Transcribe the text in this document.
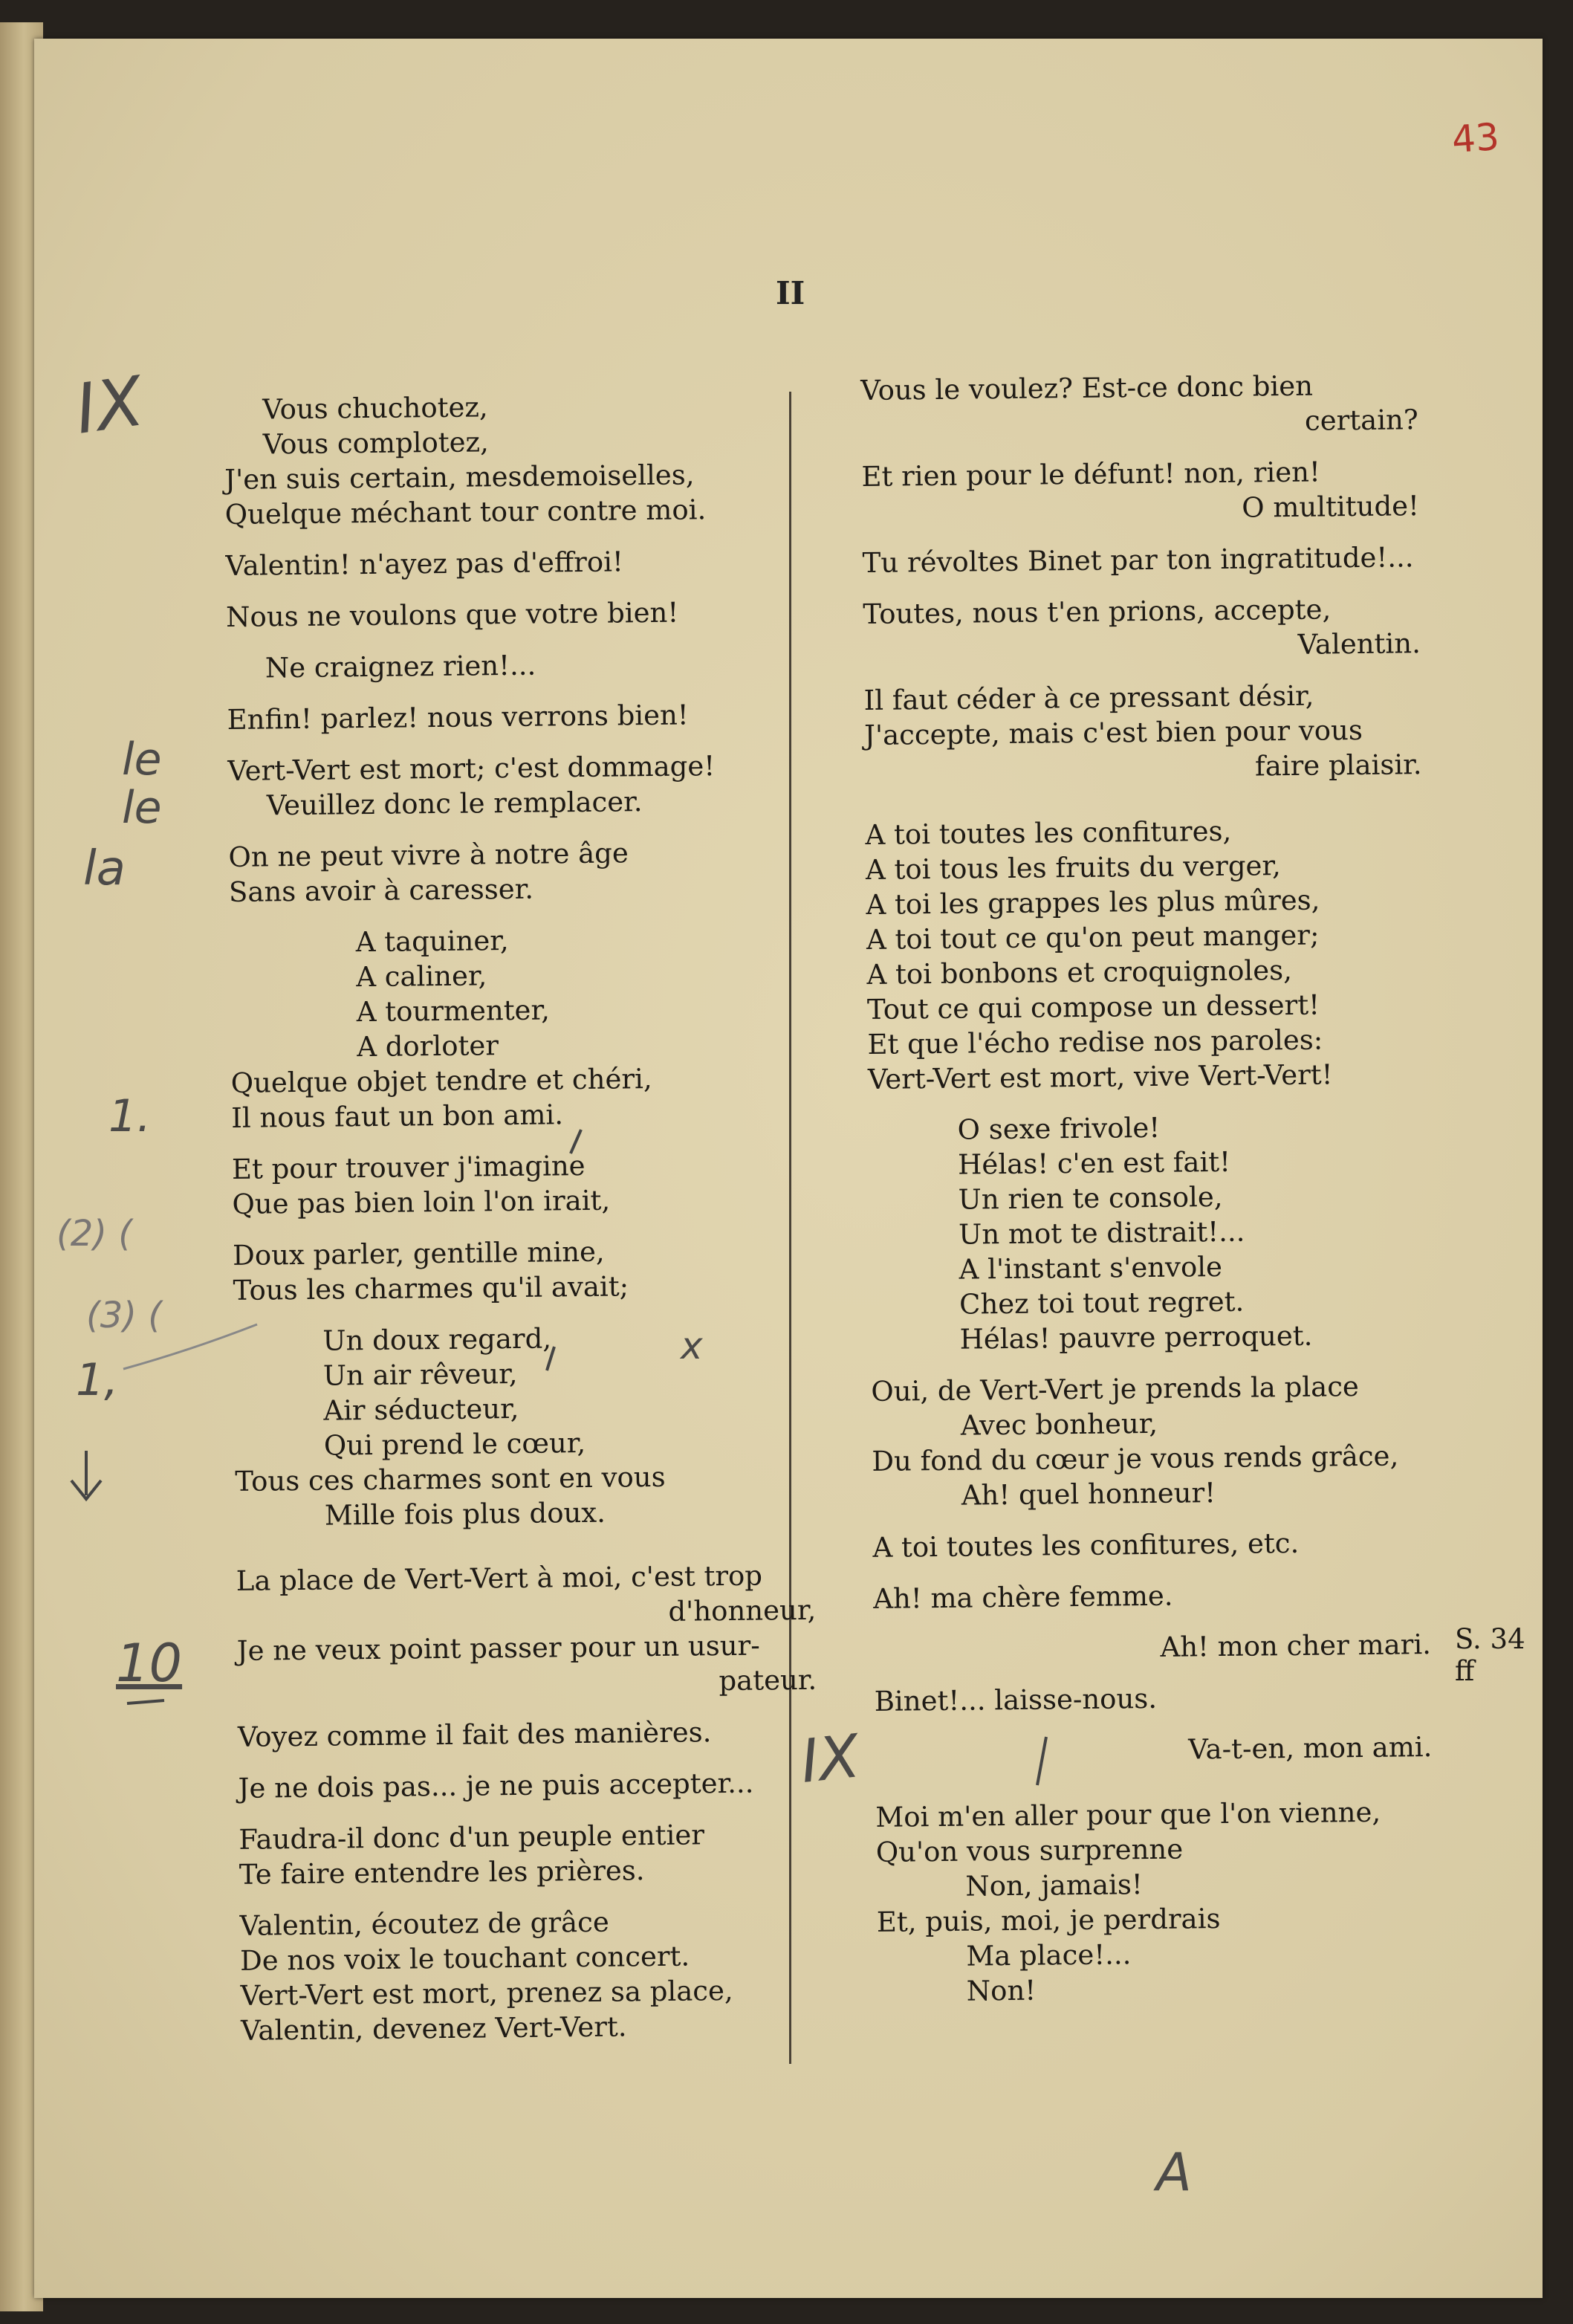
43
II
Vous chuchotez,
Vous complotez,
J'en suis certain, mesdemoiselles,
Quelque méchant tour contre moi.
Valentin! n'ayez pas d'effroi!
Nous ne voulons que votre bien!
Ne craignez rien!...
Enfin! parlez! nous verrons bien!
Vert-Vert est mort; c'est dommage!
Veuillez donc le remplacer.
On ne peut vivre à notre âge
Sans avoir à caresser.
A taquiner,
A caliner,
A tourmenter,
A dorloter
Quelque objet tendre et chéri,
Il nous faut un bon ami.
Et pour trouver j'imagine
Que pas bien loin l'on irait,
Doux parler, gentille mine,
Tous les charmes qu'il avait;
Un doux regard,
Un air rêveur,
Air séducteur,
Qui prend le cœur,
Tous ces charmes sont en vous
Mille fois plus doux.
La place de Vert-Vert à moi, c'est trop
d'honneur,
Je ne veux point passer pour un usur-
pateur.
Voyez comme il fait des manières.
Je ne dois pas... je ne puis accepter...
Faudra-il donc d'un peuple entier
Te faire entendre les prières.
Valentin, écoutez de grâce
De nos voix le touchant concert.
Vert-Vert est mort, prenez sa place,
Valentin, devenez Vert-Vert.
Vous le voulez? Est-ce donc bien
certain?
Et rien pour le défunt! non, rien!
O multitude!
Tu révoltes Binet par ton ingratitude!...
Toutes, nous t'en prions, accepte,
Valentin.
Il faut céder à ce pressant désir,
J'accepte, mais c'est bien pour vous
faire plaisir.
A toi toutes les confitures,
A toi tous les fruits du verger,
A toi les grappes les plus mûres,
A toi tout ce qu'on peut manger;
A toi bonbons et croquignoles,
Tout ce qui compose un dessert!
Et que l'écho redise nos paroles:
Vert-Vert est mort, vive Vert-Vert!
O sexe frivole!
Hélas! c'en est fait!
Un rien te console,
Un mot te distrait!...
A l'instant s'envole
Chez toi tout regret.
Hélas! pauvre perroquet.
Oui, de Vert-Vert je prends la place
Avec bonheur,
Du fond du cœur je vous rends grâce,
Ah! quel honneur!
A toi toutes les confitures, etc.
Ah! ma chère femme.
Ah! mon cher mari.
Binet!... laisse-nous.
Va-t-en, mon ami.
Moi m'en aller pour que l'on vienne,
Qu'on vous surprenne
Non, jamais!
Et, puis, moi, je perdrais
Ma place!...
Non!
S. 34 ff
IX
le
le
la
1.
(2) (
(3) (
1,
x
10
IX
A
